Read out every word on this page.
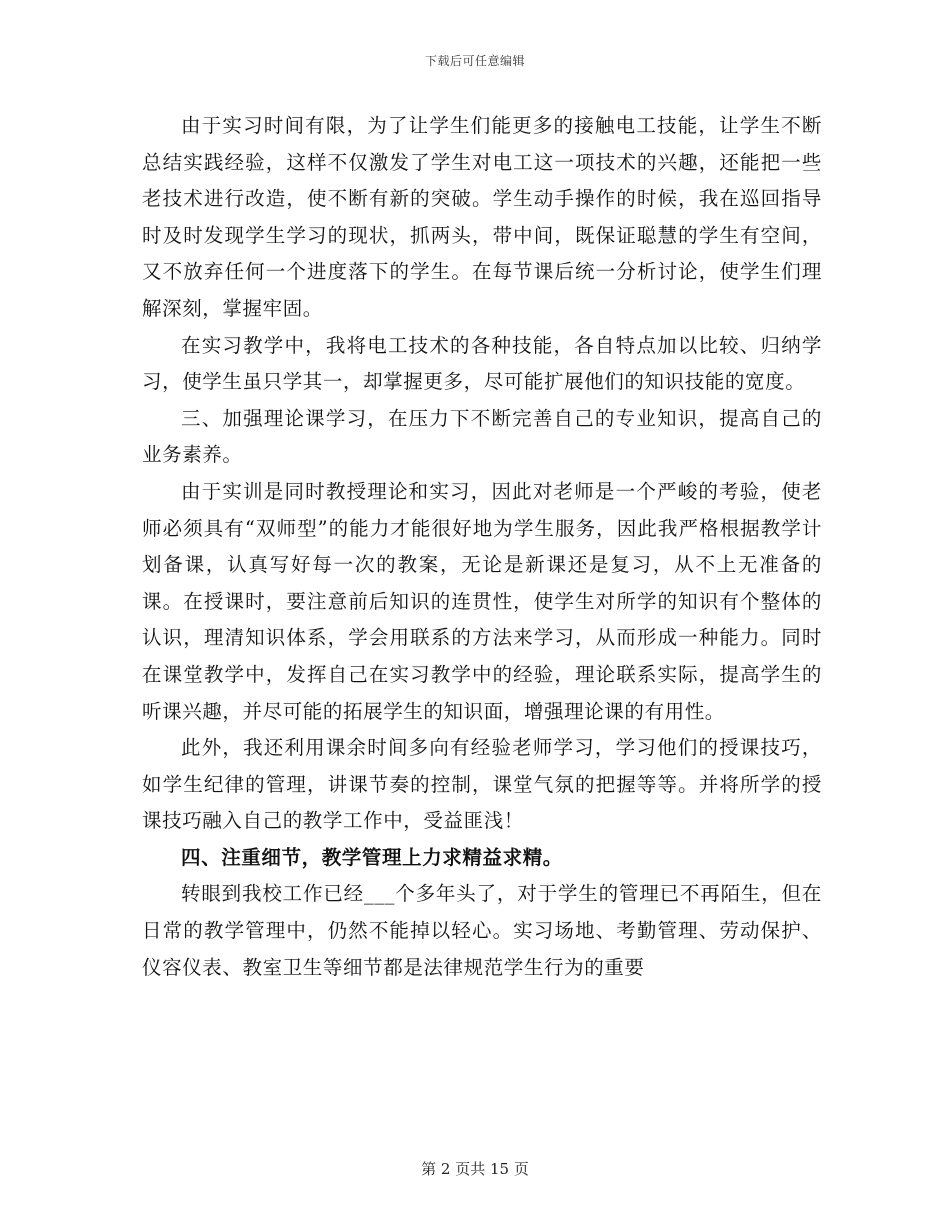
下载后可任意编辑

由于实习时间有限，为了让学生们能更多的接触电工技能，让学生不断总结实践经验，这样不仅激发了学生对电工这一项技术的兴趣，还能把一些老技术进行改造，使不断有新的突破。学生动手操作的时候，我在巡回指导时及时发现学生学习的现状，抓两头，带中间，既保证聪慧的学生有空间，又不放弃任何一个进度落下的学生。在每节课后统一分析讨论，使学生们理解深刻，掌握牢固。

在实习教学中，我将电工技术的各种技能，各自特点加以比较、归纳学习，使学生虽只学其一，却掌握更多，尽可能扩展他们的知识技能的宽度。

三、加强理论课学习，在压力下不断完善自己的专业知识，提高自己的业务素养。

由于实训是同时教授理论和实习，因此对老师是一个严峻的考验，使老师必须具有“双师型”的能力才能很好地为学生服务，因此我严格根据教学计划备课，认真写好每一次的教案，无论是新课还是复习，从不上无准备的课。在授课时，要注意前后知识的连贯性，使学生对所学的知识有个整体的认识，理清知识体系，学会用联系的方法来学习，从而形成一种能力。同时在课堂教学中，发挥自己在实习教学中的经验，理论联系实际，提高学生的听课兴趣，并尽可能的拓展学生的知识面，增强理论课的有用性。

此外，我还利用课余时间多向有经验老师学习，学习他们的授课技巧，如学生纪律的管理，讲课节奏的控制，课堂气氛的把握等等。并将所学的授课技巧融入自己的教学工作中，受益匪浅！

四、注重细节，教学管理上力求精益求精。

转眼到我校工作已经___个多年头了，对于学生的管理已不再陌生，但在日常的教学管理中，仍然不能掉以轻心。实习场地、考勤管理、劳动保护、仪容仪表、教室卫生等细节都是法律规范学生行为的重要

第 2 页共 15 页
